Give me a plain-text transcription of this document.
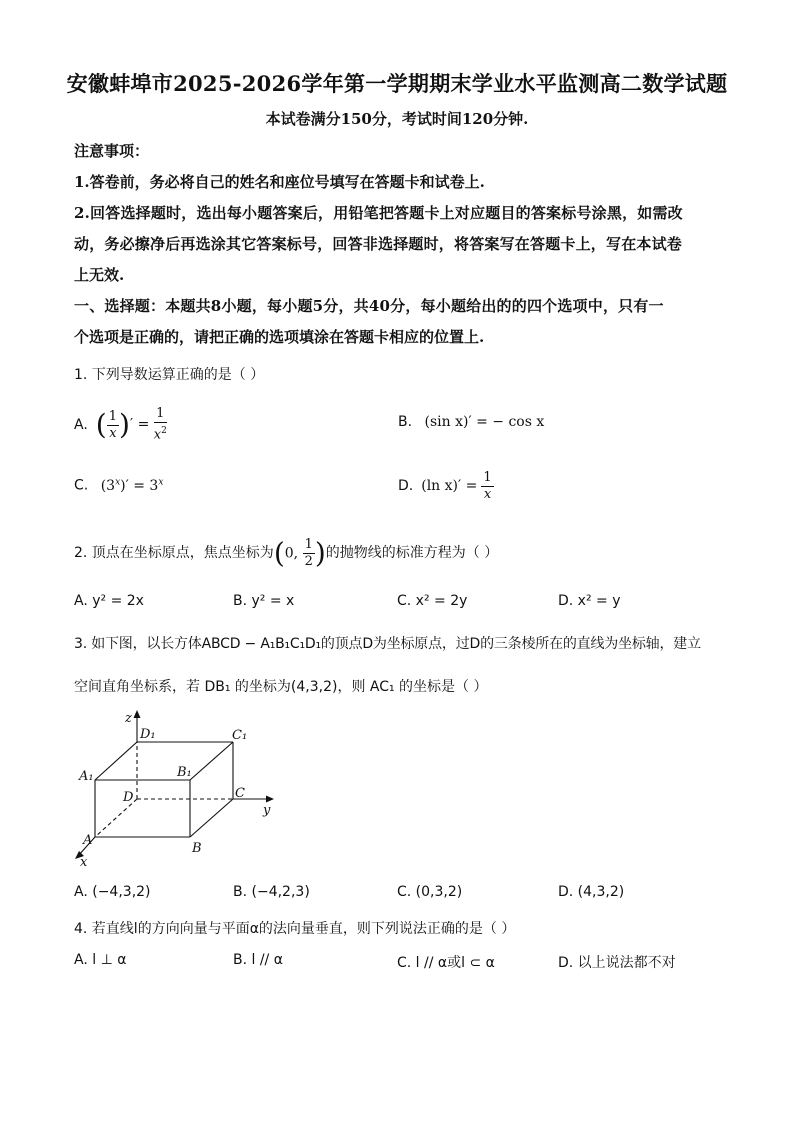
安徽蚌埠市2025-2026学年第一学期期末学业水平监测高二数学试题
本试卷满分150分，考试时间120分钟.
注意事项：
1.答卷前，务必将自己的姓名和座位号填写在答题卡和试卷上.
2.回答选择题时，选出每小题答案后，用铅笔把答题卡上对应题目的答案标号涂黑，如需改
动，务必擦净后再选涂其它答案标号，回答非选择题时，将答案写在答题卡上，写在本试卷
上无效.
一、选择题：本题共8小题，每小题5分，共40分，每小题给出的的四个选项中，只有一
个选项是正确的，请把正确的选项填涂在答题卡相应的位置上.
1. 下列导数运算正确的是（ ）
A. ( $\frac{1}{x}$ )′ = $\frac{1}{x^2}$	B. (sin x)′ = − cos x
C. $(3^x)' = 3^x$	D. (ln $x)' = \frac{1}{x}$
2. 顶点在坐标原点，焦点坐标为 (0, $\frac{1}{2}$ ) 的抛物线的标准方程为（ ）
A. y² = 2x	B. y² = x	C. x² = 2y	D. x² = y
3. 如下图，以长方体ABCD − A₁B₁C₁D₁的顶点D为坐标原点，过D的三条棱所在的直线为坐标轴，建立
空间直角坐标系，若 DB₁ 的坐标为(4,3,2)，则 AC₁ 的坐标是（ ）
z
y
x
D₁	C₁
A₁	B₁
D	C
A
B
A. (−4,3,2)	B. (−4,2,3)	C. (0,3,2)	D. (4,3,2)
4. 若直线l的方向向量与平面α的法向量垂直，则下列说法正确的是（ ）
A. l ⊥ α	B. l // α	C. l // α或l ⊂ α	D. 以上说法都不对
